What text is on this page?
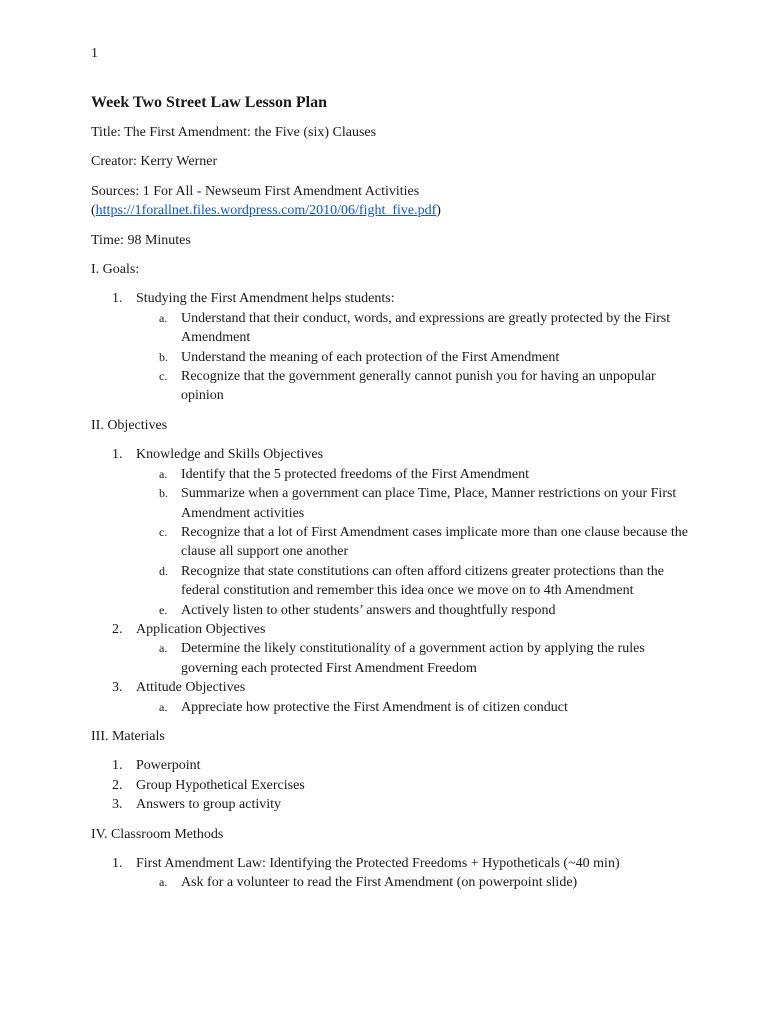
1
Week Two Street Law Lesson Plan
Title: The First Amendment: the Five (six) Clauses
Creator: Kerry Werner
Sources: 1 For All - Newseum First Amendment Activities
(https://1forallnet.files.wordpress.com/2010/06/fight_five.pdf)
Time: 98 Minutes
I. Goals:
1. Studying the First Amendment helps students:
a. Understand that their conduct, words, and expressions are greatly protected by the First Amendment
b. Understand the meaning of each protection of the First Amendment
c. Recognize that the government generally cannot punish you for having an unpopular opinion
II. Objectives
1. Knowledge and Skills Objectives
a. Identify that the 5 protected freedoms of the First Amendment
b. Summarize when a government can place Time, Place, Manner restrictions on your First Amendment activities
c. Recognize that a lot of First Amendment cases implicate more than one clause because the clause all support one another
d. Recognize that state constitutions can often afford citizens greater protections than the federal constitution and remember this idea once we move on to 4th Amendment
e. Actively listen to other students’ answers and thoughtfully respond
2. Application Objectives
a. Determine the likely constitutionality of a government action by applying the rules governing each protected First Amendment Freedom
3. Attitude Objectives
a. Appreciate how protective the First Amendment is of citizen conduct
III. Materials
1. Powerpoint
2. Group Hypothetical Exercises
3. Answers to group activity
IV. Classroom Methods
1. First Amendment Law: Identifying the Protected Freedoms + Hypotheticals (~40 min)
a. Ask for a volunteer to read the First Amendment (on powerpoint slide)
